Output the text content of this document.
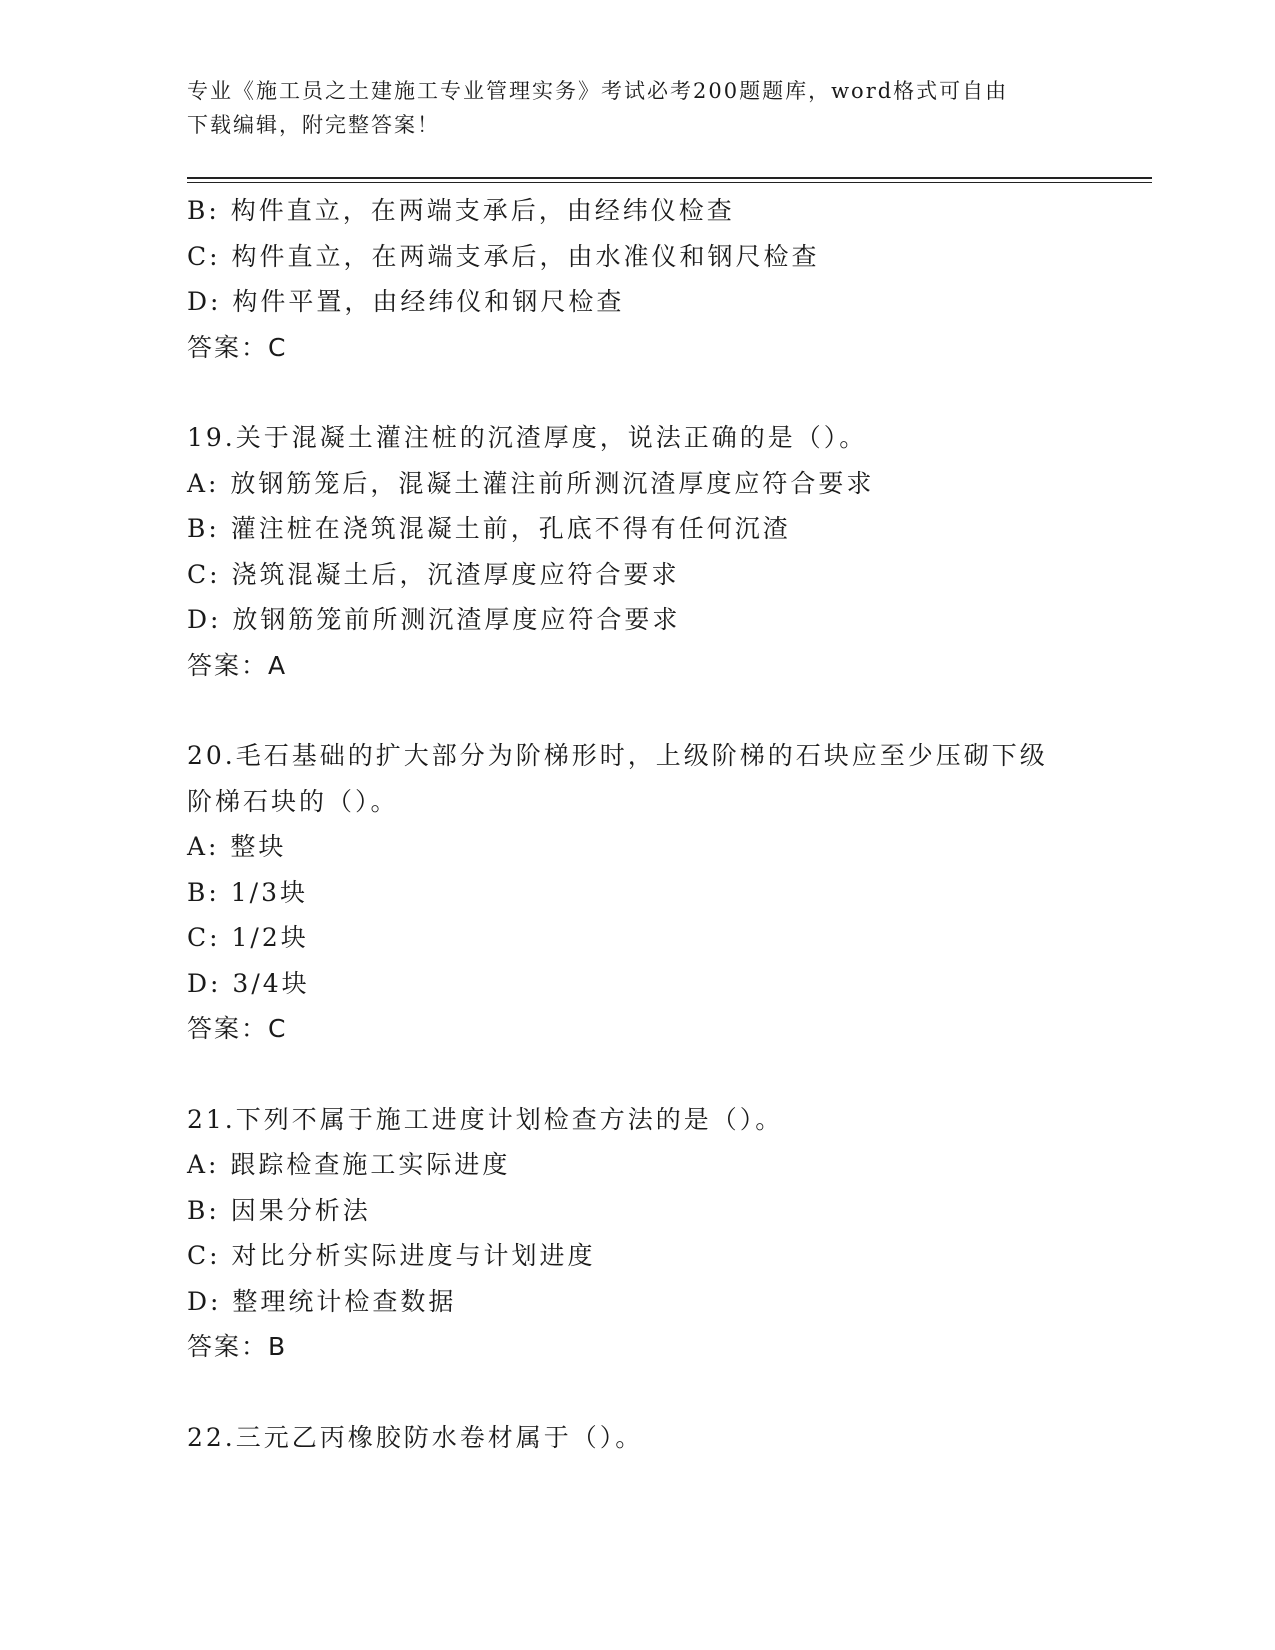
专业《施工员之土建施工专业管理实务》考试必考200题题库，word格式可自由
下载编辑，附完整答案！
B: 构件直立，在两端支承后，由经纬仪检查
C: 构件直立，在两端支承后，由水准仪和钢尺检查
D: 构件平置，由经纬仪和钢尺检查
答案：C
19.关于混凝土灌注桩的沉渣厚度，说法正确的是（）。
A: 放钢筋笼后，混凝土灌注前所测沉渣厚度应符合要求
B: 灌注桩在浇筑混凝土前，孔底不得有任何沉渣
C: 浇筑混凝土后，沉渣厚度应符合要求
D: 放钢筋笼前所测沉渣厚度应符合要求
答案：A
20.毛石基础的扩大部分为阶梯形时，上级阶梯的石块应至少压砌下级
阶梯石块的（）。
A: 整块
B: 1/3块
C: 1/2块
D: 3/4块
答案：C
21.下列不属于施工进度计划检查方法的是（）。
A: 跟踪检查施工实际进度
B: 因果分析法
C: 对比分析实际进度与计划进度
D: 整理统计检查数据
答案：B
22.三元乙丙橡胶防水卷材属于（）。
